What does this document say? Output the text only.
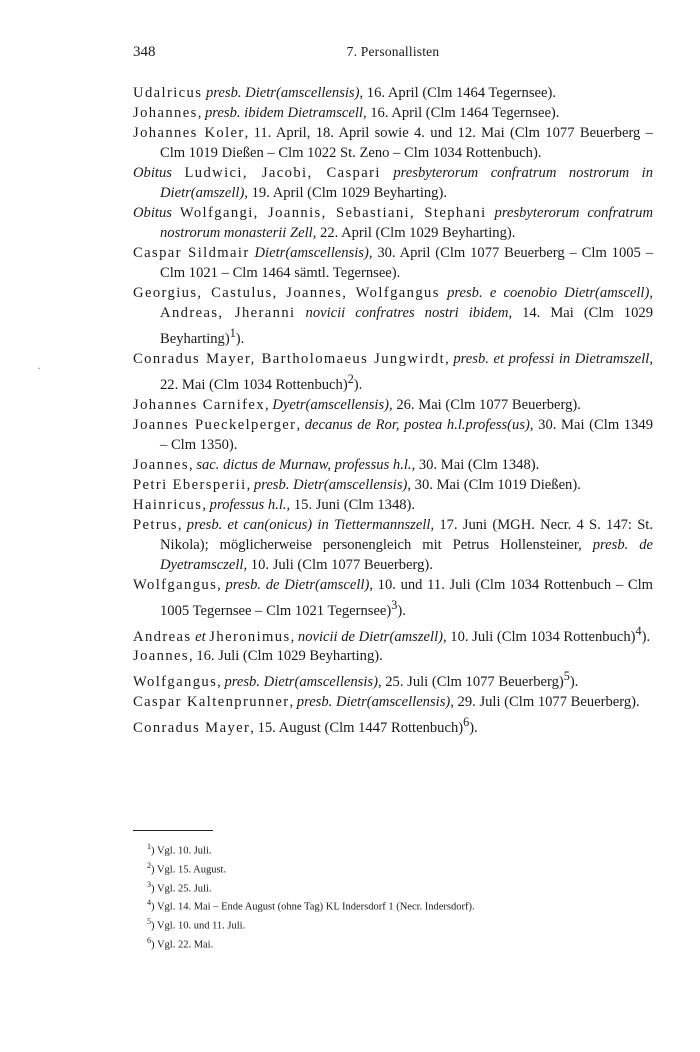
348	7. Personallisten

Udalricus presb. Dietr(amscellensis), 16. April (Clm 1464 Tegernsee).

Johannes, presb. ibidem Dietramscell, 16. April (Clm 1464 Tegernsee).

Johannes Koler, 11. April, 18. April sowie 4. und 12. Mai (Clm 1077 Beuerberg – Clm 1019 Dießen – Clm 1022 St. Zeno – Clm 1034 Rottenbuch).

Obitus Ludwici, Jacobi, Caspari presbyterorum confratrum nostrorum in Dietr(amszell), 19. April (Clm 1029 Beyharting).

Obitus Wolfgangi, Joannis, Sebastiani, Stephani presbyterorum confratrum nostrorum monasterii Zell, 22. April (Clm 1029 Beyharting).

Caspar Sildmair Dietr(amscellensis), 30. April (Clm 1077 Beuerberg – Clm 1005 – Clm 1021 – Clm 1464 sämtl. Tegernsee).

Georgius, Castulus, Joannes, Wolfgangus presb. e coenobio Dietr(amscell), Andreas, Jheranni novicii confratres nostri ibidem, 14. Mai (Clm 1029 Beyharting)$^1$).

Conradus Mayer, Bartholomaeus Jungwirdt, presb. et professi in Dietramszell, 22. Mai (Clm 1034 Rottenbuch)$^2$).

Johannes Carnifex, Dyetr(amscellensis), 26. Mai (Clm 1077 Beuerberg).

Joannes Pueckelperger, decanus de Ror, postea h.l.profess(us), 30. Mai (Clm 1349 – Clm 1350).

Joannes, sac. dictus de Murnaw, professus h.l., 30. Mai (Clm 1348).

Petri Ebersperii, presb. Dietr(amscellensis), 30. Mai (Clm 1019 Dießen).

Hainricus, professus h.l., 15. Juni (Clm 1348).

Petrus, presb. et can(onicus) in Tiettermannszell, 17. Juni (MGH. Necr. 4 S. 147: St. Nikola); möglicherweise personengleich mit Petrus Hollensteiner, presb. de Dyetramsczell, 10. Juli (Clm 1077 Beuerberg).

Wolfgangus, presb. de Dietr(amscell), 10. und 11. Juli (Clm 1034 Rottenbuch – Clm 1005 Tegernsee – Clm 1021 Tegernsee)$^3$).

Andreas et Jheronimus, novicii de Dietr(amszell), 10. Juli (Clm 1034 Rottenbuch)$^4$).

Joannes, 16. Juli (Clm 1029 Beyharting).

Wolfgangus, presb. Dietr(amscellensis), 25. Juli (Clm 1077 Beuerberg)$^5$).

Caspar Kaltenprunner, presb. Dietr(amscellensis), 29. Juli (Clm 1077 Beuerberg).

Conradus Mayer, 15. August (Clm 1447 Rottenbuch)$^6$).

$^1$) Vgl. 10. Juli.

$^2$) Vgl. 15. August.

$^3$) Vgl. 25. Juli.

$^4$) Vgl. 14. Mai – Ende August (ohne Tag) KL Indersdorf 1 (Necr. Indersdorf).

$^5$) Vgl. 10. und 11. Juli.

$^6$) Vgl. 22. Mai.

·
